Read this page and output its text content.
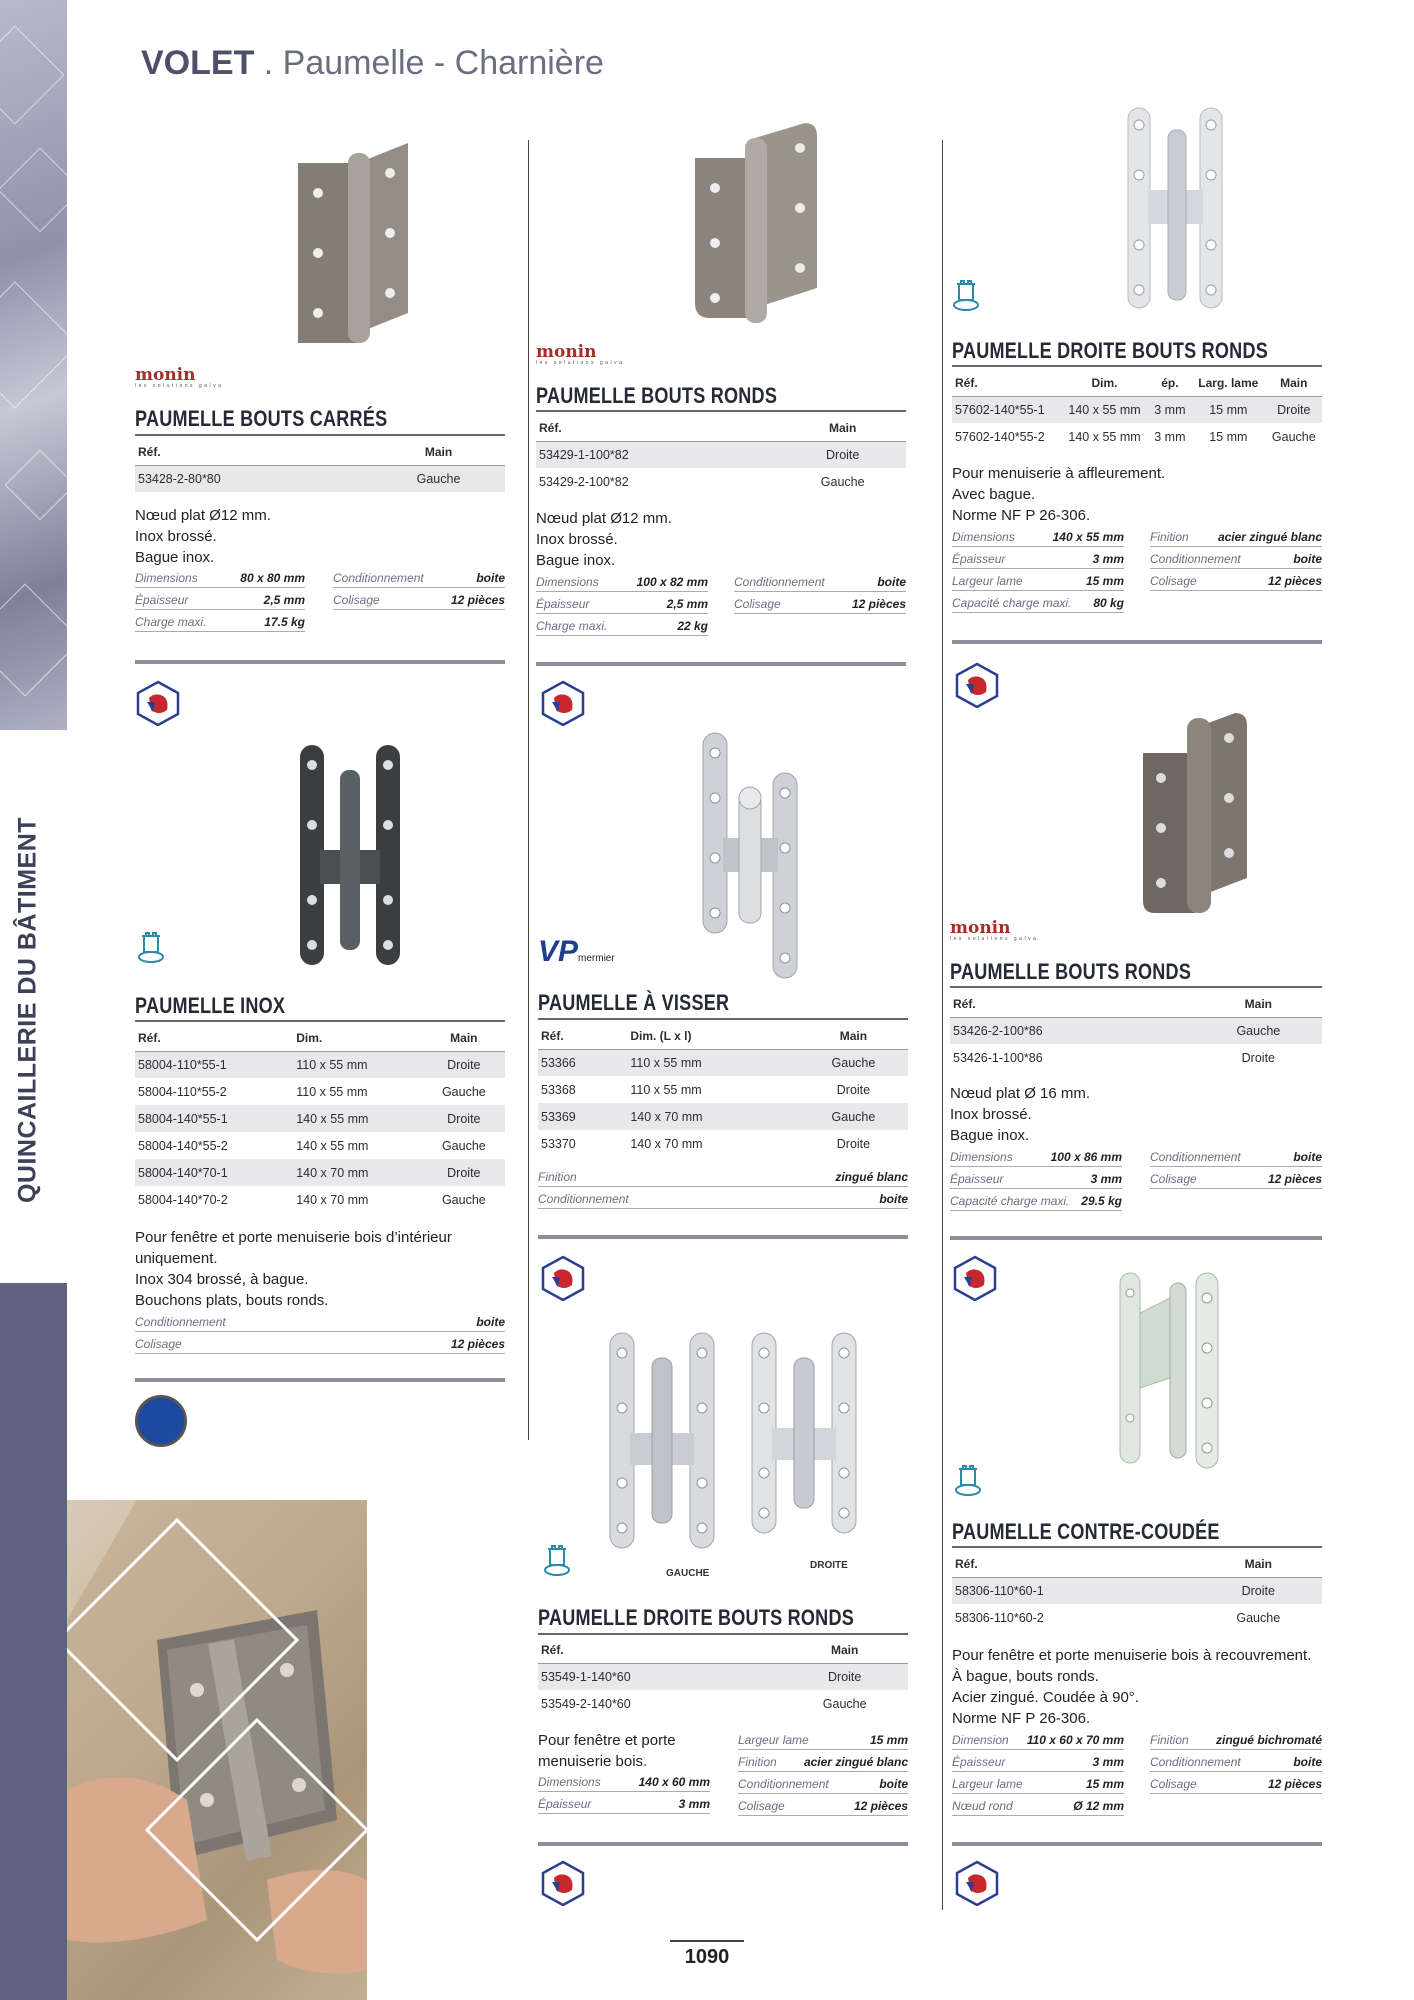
QUINCAILLERIE DU BÂTIMENT
VOLET . Paumelle - Charnière
monin
les solutions galva
PAUMELLE BOUTS CARRÉS
Réf.	Main
53428-2-80*80	Gauche
Nœud plat Ø12 mm.
Inox brossé.
Bague inox.
Dimensions	80 x 80 mm
Épaisseur	2,5 mm
Charge maxi.	17.5 kg
Conditionnement	boite
Colisage	12 pièces
monin
les solutions galva
PAUMELLE BOUTS RONDS
Réf.	Main
53429-1-100*82	Droite
53429-2-100*82	Gauche
Nœud plat Ø12 mm.
Inox brossé.
Bague inox.
Dimensions	100 x 82 mm
Épaisseur	2,5 mm
Charge maxi.	22 kg
Conditionnement	boite
Colisage	12 pièces
PAUMELLE DROITE BOUTS RONDS
Réf.	Dim.	ép.	Larg. lame	Main
57602-140*55-1	140 x 55 mm	3 mm	15 mm	Droite
57602-140*55-2	140 x 55 mm	3 mm	15 mm	Gauche
Pour menuiserie à affleurement.
Avec bague.
Norme NF P 26-306.
Dimensions	140 x 55 mm
Épaisseur	3 mm
Largeur lame	15 mm
Capacité charge maxi. 80 kg
Finition acier zingué blanc
Conditionnement	boite
Colisage	12 pièces
PAUMELLE INOX
Réf.	Dim.	Main
58004-110*55-1	110 x 55 mm	Droite
58004-110*55-2	110 x 55 mm	Gauche
58004-140*55-1	140 x 55 mm	Droite
58004-140*55-2	140 x 55 mm	Gauche
58004-140*70-1	140 x 70 mm	Droite
58004-140*70-2	140 x 70 mm	Gauche
Pour fenêtre et porte menuiserie bois d’intérieur
uniquement.
Inox 304 brossé, à bague.
Bouchons plats, bouts ronds.
Conditionnement	boite
Colisage	12 pièces
VPmermier
PAUMELLE À VISSER
Réf.	Dim. (L x l)	Main
53366	110 x 55 mm	Gauche
53368	110 x 55 mm	Droite
53369	140 x 70 mm	Gauche
53370	140 x 70 mm	Droite
Finition	zingué blanc
Conditionnement	boite
monin
les solutions galva
PAUMELLE BOUTS RONDS
Réf.	Main
53426-2-100*86	Gauche
53426-1-100*86	Droite
Nœud plat Ø 16 mm.
Inox brossé.
Bague inox.
Dimensions	100 x 86 mm
Épaisseur	3 mm
Capacité charge maxi. 29.5 kg
Conditionnement	boite
Colisage	12 pièces
GAUCHE
DROITE
PAUMELLE DROITE BOUTS RONDS
Réf.	Main
53549-1-140*60	Droite
53549-2-140*60	Gauche
Pour fenêtre et porte
menuiserie bois.
Dimensions	140 x 60 mm
Épaisseur	3 mm
Largeur lame	15 mm
Finition acier zingué blanc
Conditionnement	boite
Colisage	12 pièces
PAUMELLE CONTRE-COUDÉE
Réf.	Main
58306-110*60-1	Droite
58306-110*60-2	Gauche
Pour fenêtre et porte menuiserie bois à recouvrement.
À bague, bouts ronds.
Acier zingué. Coudée à 90°.
Norme NF P 26-306.
Dimension 110 x 60 x 70 mm
Épaisseur	3 mm
Largeur lame	15 mm
Nœud rond	Ø 12 mm
Finition zingué bichromaté
Conditionnement	boite
Colisage	12 pièces
1090
